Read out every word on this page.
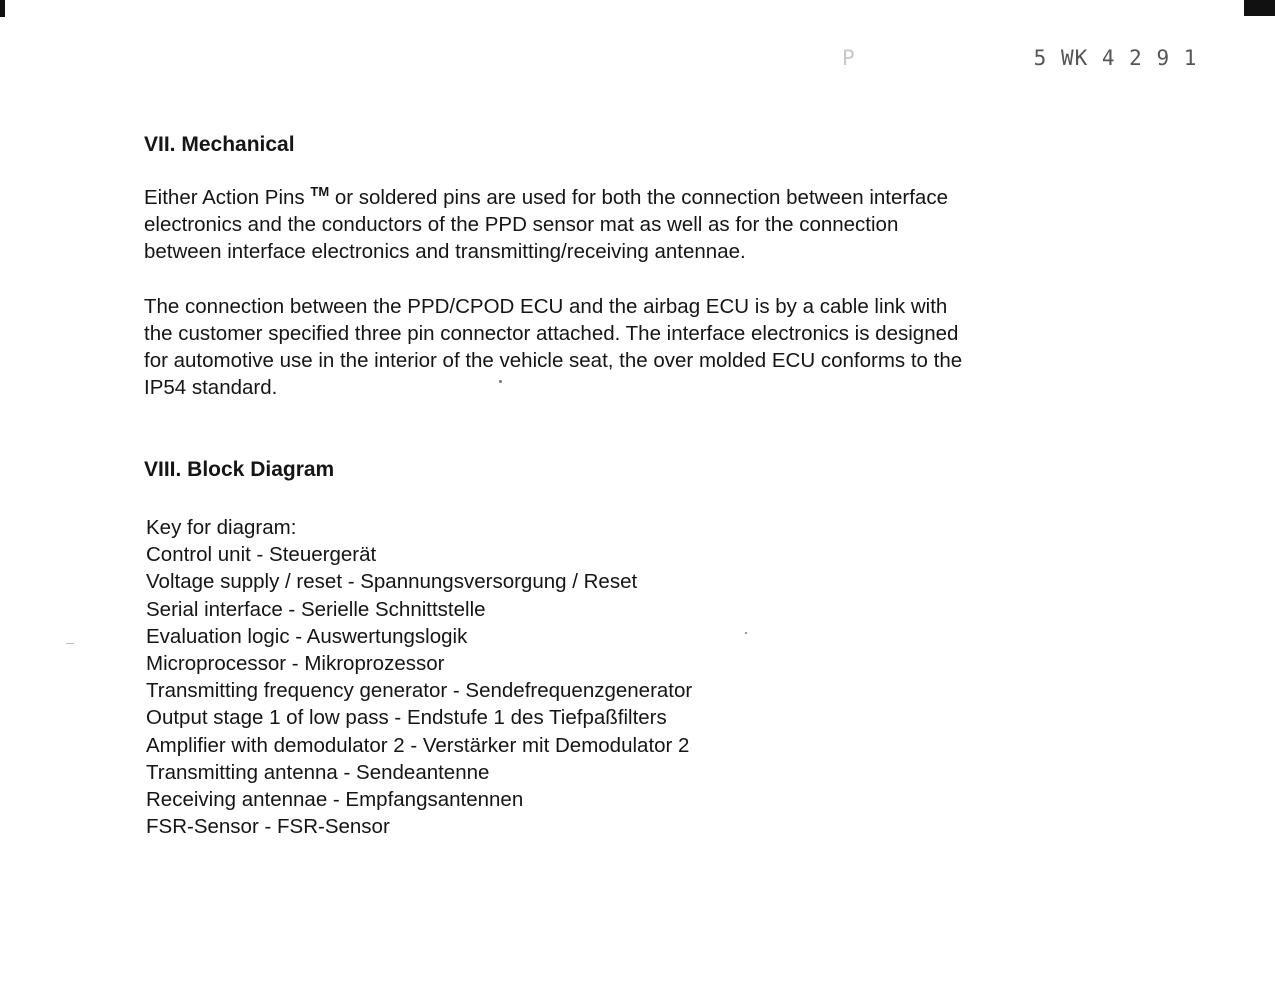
P	5 WK 4 2 9 1
VII. Mechanical

Either Action Pins ™ or soldered pins are used for both the connection between interface
electronics and the conductors of the PPD sensor mat as well as for the connection
between interface electronics and transmitting/receiving antennae.

The connection between the PPD/CPOD ECU and the airbag ECU is by a cable link with
the customer specified three pin connector attached. The interface electronics is designed
for automotive use in the interior of the vehicle seat, the over molded ECU conforms to the
IP54 standard.

VIII. Block Diagram
Key for diagram:
Control unit - Steuergerät
Voltage supply / reset - Spannungsversorgung / Reset
Serial interface - Serielle Schnittstelle
Evaluation logic - Auswertungslogik
Microprocessor - Mikroprozessor
Transmitting frequency generator - Sendefrequenzgenerator
Output stage 1 of low pass - Endstufe 1 des Tiefpaßfilters
Amplifier with demodulator 2 - Verstärker mit Demodulator 2
Transmitting antenna - Sendeantenne
Receiving antennae - Empfangsantennen
FSR-Sensor - FSR-Sensor
